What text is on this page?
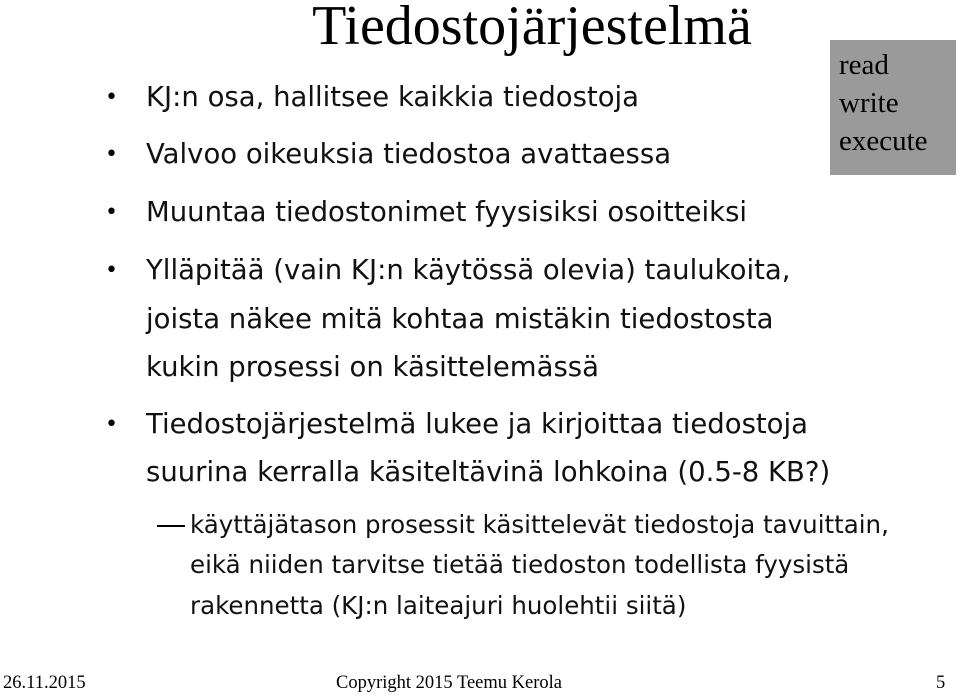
Tiedostojärjestelmä
read
write
execute
• KJ:n osa, hallitsee kaikkia tiedostoja
• Valvoo oikeuksia tiedostoa avattaessa
• Muuntaa tiedostonimet fyysisiksi osoitteiksi
• Ylläpitää (vain KJ:n käytössä olevia) taulukoita,
joista näkee mitä kohtaa mistäkin tiedostosta
kukin prosessi on käsittelemässä
• Tiedostojärjestelmä lukee ja kirjoittaa tiedostoja
suurina kerralla käsiteltävinä lohkoina (0.5-8 KB?)
käyttäjätason prosessit käsittelevät tiedostoja tavuittain,
eikä niiden tarvitse tietää tiedoston todellista fyysistä
rakennetta (KJ:n laiteajuri huolehtii siitä)
26.11.2015	Copyright 2015 Teemu Kerola	5
